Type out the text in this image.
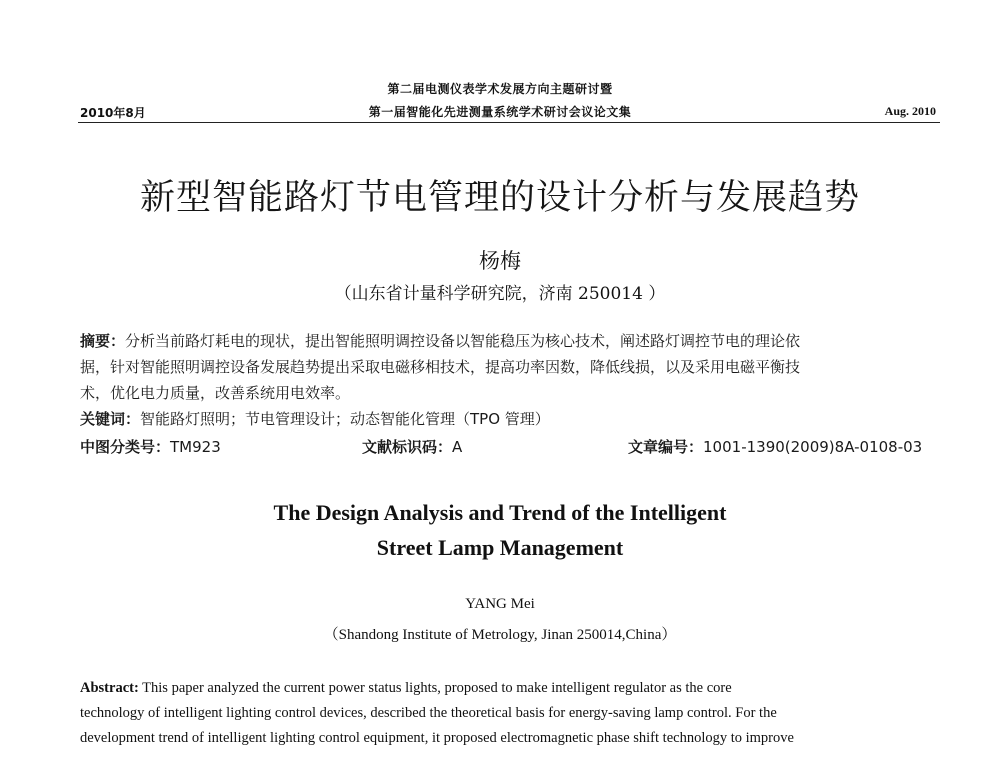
第二届电测仪表学术发展方向主题研讨暨
第一届智能化先进测量系统学术研讨会议论文集
2010年8月	Aug. 2010
新型智能路灯节电管理的设计分析与发展趋势
杨梅
（山东省计量科学研究院，济南 250014 ）
摘要：分析当前路灯耗电的现状，提出智能照明调控设备以智能稳压为核心技术，阐述路灯调控节电的理论依
据，针对智能照明调控设备发展趋势提出采取电磁移相技术，提高功率因数，降低线损，以及采用电磁平衡技
术，优化电力质量，改善系统用电效率。
关键词：智能路灯照明；节电管理设计；动态智能化管理（TPO 管理）
中图分类号：TM923	文献标识码：A	文章编号：1001-1390(2009)8A-0108-03
The Design Analysis and Trend of the Intelligent
Street Lamp Management
YANG Mei
（Shandong Institute of Metrology, Jinan 250014,China）
Abstract: This paper analyzed the current power status lights, proposed to make intelligent regulator as the core
technology of intelligent lighting control devices, described the theoretical basis for energy-saving lamp control. For the
development trend of intelligent lighting control equipment, it proposed electromagnetic phase shift technology to improve
